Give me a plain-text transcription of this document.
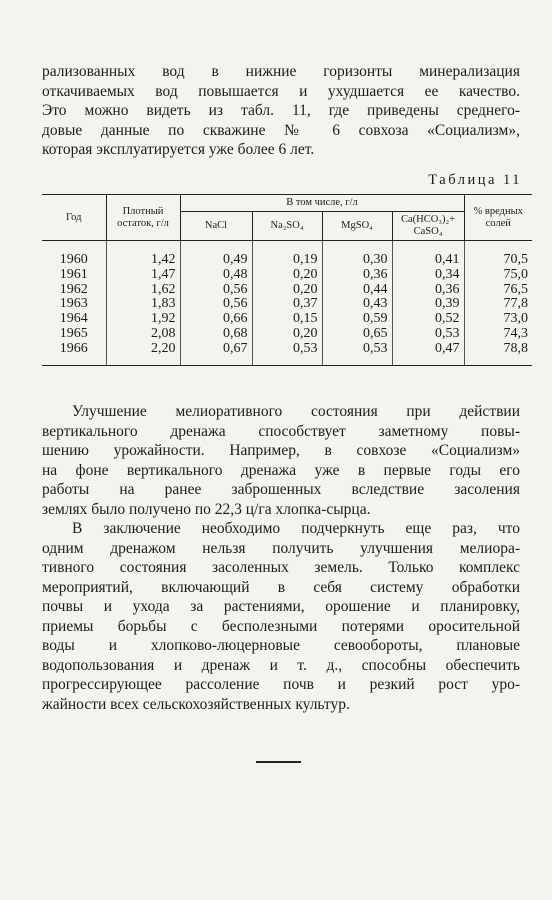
рализованных вод в нижние горизонты минерализация
откачиваемых вод повышается и ухудшается ее качество.
Это можно видеть из табл. 11, где приведены среднего-
довые данные по скважине № 6 совхоза «Социализм»,
которая эксплуатируется уже более 6 лет.
Таблица 11
Год	Плотный остаток, г/л	В том числе, г/л				% вредных солей
		NaCl	Na₂SO₄	MgSO₄	Ca(HCO₃)₂+ CaSO₄	

1960	1,42	0,49	0,19	0,30	0,41	70,5
1961	1,47	0,48	0,20	0,36	0,34	75,0
1962	1,62	0,56	0,20	0,44	0,36	76,5
1963	1,83	0,56	0,37	0,43	0,39	77,8
1964	1,92	0,66	0,15	0,59	0,52	73,0
1965	2,08	0,68	0,20	0,65	0,53	74,3
1966	2,20	0,67	0,53	0,53	0,47	78,8

Улучшение мелиоративного состояния при действии
вертикального дренажа способствует заметному повы-
шению урожайности. Например, в совхозе «Социализм»
на фоне вертикального дренажа уже в первые годы его
работы на ранее заброшенных вследствие засоления
землях было получено по 22,3 ц/га хлопка-сырца.
В заключение необходимо подчеркнуть еще раз, что
одним дренажом нельзя получить улучшения мелиора-
тивного состояния засоленных земель. Только комплекс
мероприятий, включающий в себя систему обработки
почвы и ухода за растениями, орошение и планировку,
приемы борьбы с бесполезными потерями оросительной
воды и хлопково-люцерновые севообороты, плановые
водопользования и дренаж и т. д., способны обеспечить
прогрессирующее рассоление почв и резкий рост уро-
жайности всех сельскохозяйственных культур.
